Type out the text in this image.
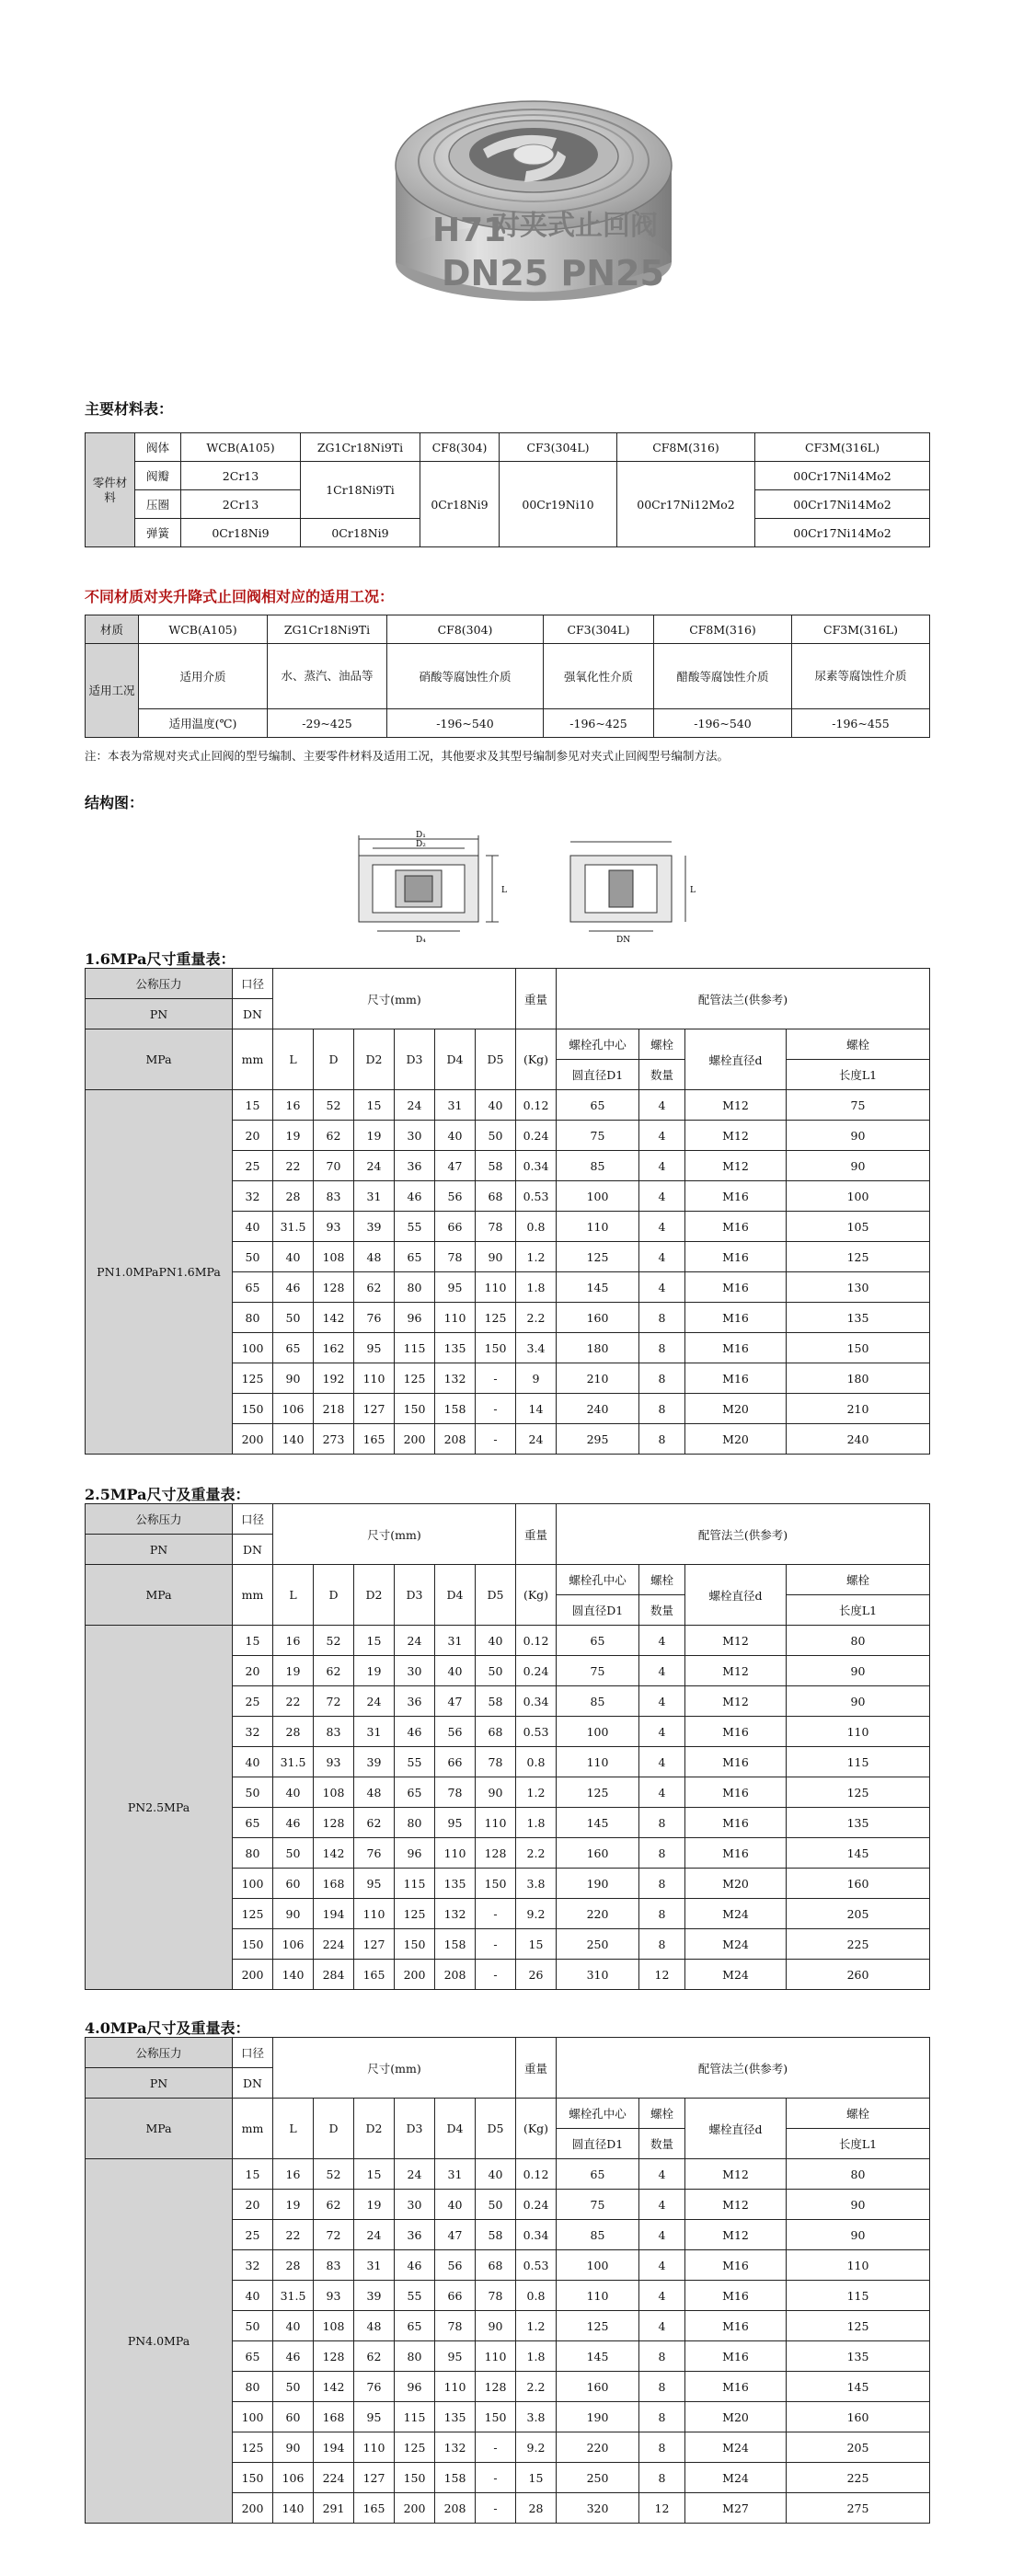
H71
对夹式止回阀
DN25 PN25
主要材料表：
零件材料	阀体	WCB(A105)	ZG1Cr18Ni9Ti	CF8(304)	CF3(304L)	CF8M(316)	CF3M(316L)
	阀瓣	2Cr13	1Cr18Ni9Ti	0Cr18Ni9	00Cr19Ni10	00Cr17Ni12Mo2	00Cr17Ni14Mo2
	压圈	2Cr13					00Cr17Ni14Mo2
	弹簧	0Cr18Ni9	0Cr18Ni9				00Cr17Ni14Mo2
不同材质对夹升降式止回阀相对应的适用工况：
材质	WCB(A105)	ZG1Cr18Ni9Ti	CF8(304)	CF3(304L)	CF8M(316)	CF3M(316L)
适用工况	适用介质	水、蒸汽、油品等	硝酸等腐蚀性介质	强氧化性介质	醋酸等腐蚀性介质	尿素等腐蚀性介质
	适用温度(℃)	-29~425	-196~540	-196~425	-196~540	-196~455
注：本表为常规对夹式止回阀的型号编制、主要零件材料及适用工况，其他要求及其型号编制参见对夹式止回阀型号编制方法。
结构图：
D₁
D₂
D₄
L
DN
L
1.6MPa尺寸重量表：
公称压力	口径	尺寸(mm)						重量	配管法兰(供参考)			
PN	DN											
MPa	mm	L	D	D2	D3	D4	D5	(Kg)	螺栓孔中心	螺栓	螺栓直径d	螺栓
									圆直径D1	数量		长度L1
PN1.0MPaPN1.6MPa	15	16	52	15	24	31	40	0.12	65	4	M12	75
	20	19	62	19	30	40	50	0.24	75	4	M12	90
	25	22	70	24	36	47	58	0.34	85	4	M12	90
	32	28	83	31	46	56	68	0.53	100	4	M16	100
	40	31.5	93	39	55	66	78	0.8	110	4	M16	105
	50	40	108	48	65	78	90	1.2	125	4	M16	125
	65	46	128	62	80	95	110	1.8	145	4	M16	130
	80	50	142	76	96	110	125	2.2	160	8	M16	135
	100	65	162	95	115	135	150	3.4	180	8	M16	150
	125	90	192	110	125	132	-	9	210	8	M16	180
	150	106	218	127	150	158	-	14	240	8	M20	210
	200	140	273	165	200	208	-	24	295	8	M20	240
2.5MPa尺寸及重量表：
公称压力	口径	尺寸(mm)						重量	配管法兰(供参考)			
PN	DN											
MPa	mm	L	D	D2	D3	D4	D5	(Kg)	螺栓孔中心	螺栓	螺栓直径d	螺栓
									圆直径D1	数量		长度L1
PN2.5MPa	15	16	52	15	24	31	40	0.12	65	4	M12	80
	20	19	62	19	30	40	50	0.24	75	4	M12	90
	25	22	72	24	36	47	58	0.34	85	4	M12	90
	32	28	83	31	46	56	68	0.53	100	4	M16	110
	40	31.5	93	39	55	66	78	0.8	110	4	M16	115
	50	40	108	48	65	78	90	1.2	125	4	M16	125
	65	46	128	62	80	95	110	1.8	145	8	M16	135
	80	50	142	76	96	110	128	2.2	160	8	M16	145
	100	60	168	95	115	135	150	3.8	190	8	M20	160
	125	90	194	110	125	132	-	9.2	220	8	M24	205
	150	106	224	127	150	158	-	15	250	8	M24	225
	200	140	284	165	200	208	-	26	310	12	M24	260
4.0MPa尺寸及重量表：
公称压力	口径	尺寸(mm)						重量	配管法兰(供参考)			
PN	DN											
MPa	mm	L	D	D2	D3	D4	D5	(Kg)	螺栓孔中心	螺栓	螺栓直径d	螺栓
									圆直径D1	数量		长度L1
PN4.0MPa	15	16	52	15	24	31	40	0.12	65	4	M12	80
	20	19	62	19	30	40	50	0.24	75	4	M12	90
	25	22	72	24	36	47	58	0.34	85	4	M12	90
	32	28	83	31	46	56	68	0.53	100	4	M16	110
	40	31.5	93	39	55	66	78	0.8	110	4	M16	115
	50	40	108	48	65	78	90	1.2	125	4	M16	125
	65	46	128	62	80	95	110	1.8	145	8	M16	135
	80	50	142	76	96	110	128	2.2	160	8	M16	145
	100	60	168	95	115	135	150	3.8	190	8	M20	160
	125	90	194	110	125	132	-	9.2	220	8	M24	205
	150	106	224	127	150	158	-	15	250	8	M24	225
	200	140	291	165	200	208	-	28	320	12	M27	275
